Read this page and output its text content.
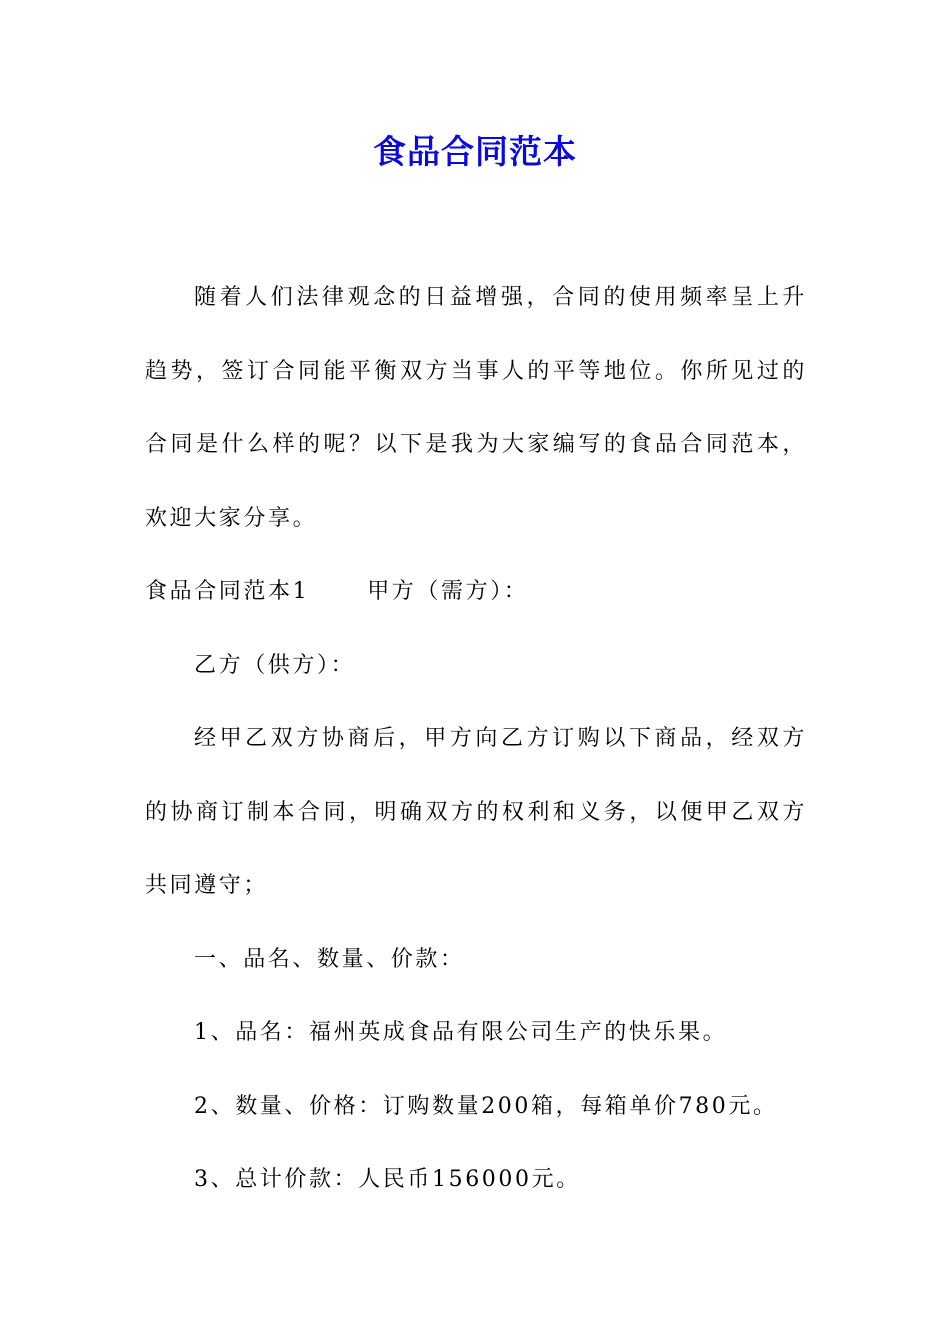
食品合同范本

随着人们法律观念的日益增强，合同的使用频率呈上升趋势，签订合同能平衡双方当事人的平等地位。你所见过的合同是什么样的呢？以下是我为大家编写的食品合同范本，欢迎大家分享。

食品合同范本1	甲方（需方）：

乙方（供方）：

经甲乙双方协商后，甲方向乙方订购以下商品，经双方的协商订制本合同，明确双方的权利和义务，以便甲乙双方共同遵守；

一、品名、数量、价款：

1、品名：福州英成食品有限公司生产的快乐果。

2、数量、价格：订购数量200箱，每箱单价780元。

3、总计价款：人民币156000元。
